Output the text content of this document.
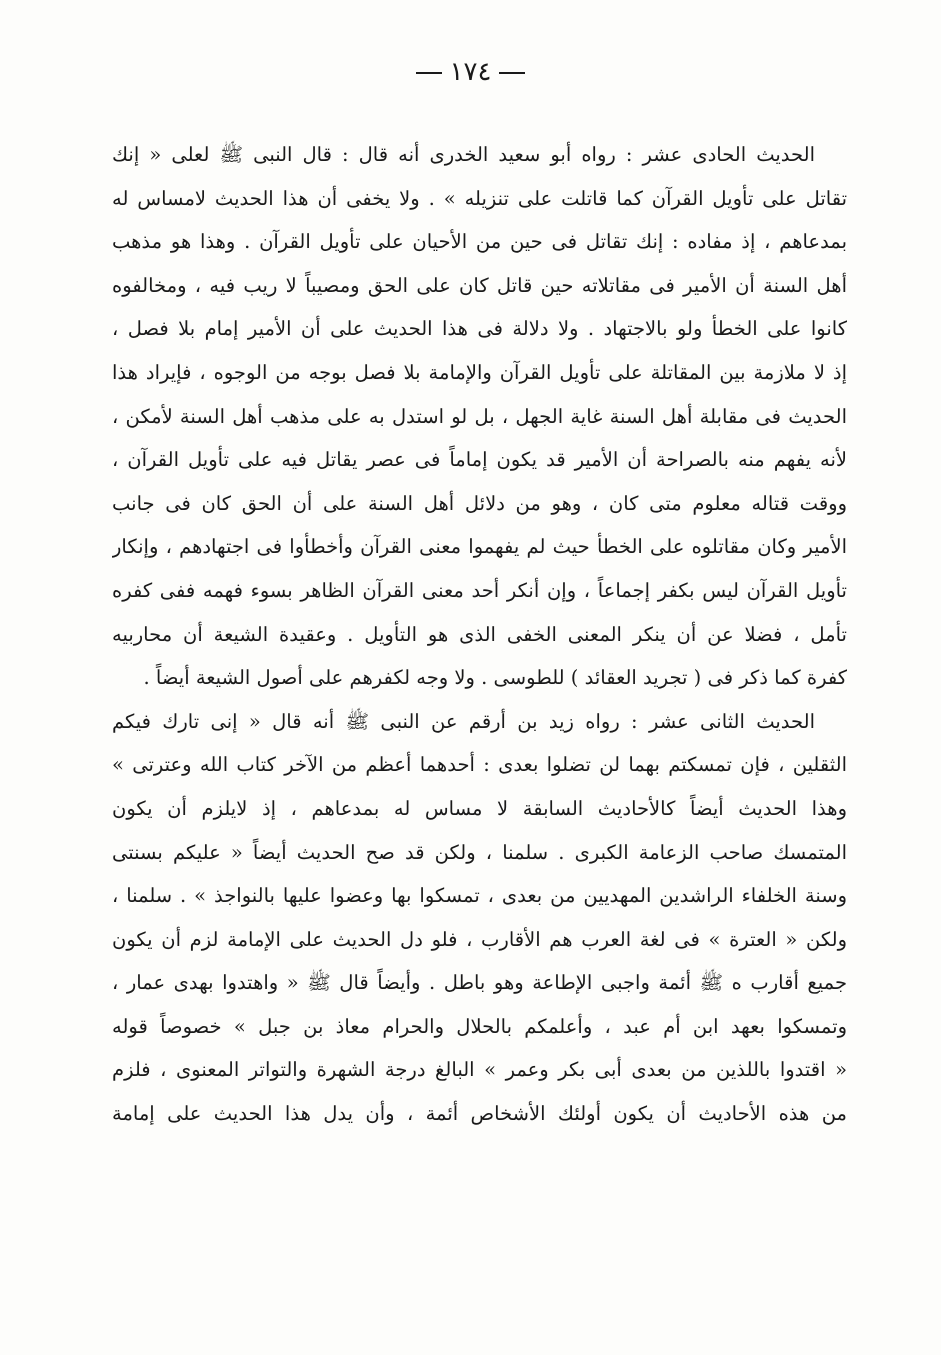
١٧٤
الحديث الحادى عشر : رواه أبو سعيد الخدرى أنه قال : قال النبى ﷺ لعلى « إنك
تقاتل على تأويل القرآن كما قاتلت على تنزيله » . ولا يخفى أن هذا الحديث لامساس له
بمدعاهم ، إذ مفاده : إنك تقاتل فى حين من الأحيان على تأويل القرآن . وهذا هو مذهب
أهل السنة أن الأمير فى مقاتلاته حين قاتل كان على الحق ومصيباً لا ريب فيه ، ومخالفوه
كانوا على الخطأ ولو بالاجتهاد . ولا دلالة فى هذا الحديث على أن الأمير إمام بلا فصل ،
إذ لا ملازمة بين المقاتلة على تأويل القرآن والإمامة بلا فصل بوجه من الوجوه ، فإيراد هذا
الحديث فى مقابلة أهل السنة غاية الجهل ، بل لو استدل به على مذهب أهل السنة لأمكن ،
لأنه يفهم منه بالصراحة أن الأمير قد يكون إماماً فى عصر يقاتل فيه على تأويل القرآن ،
ووقت قتاله معلوم متى كان ، وهو من دلائل أهل السنة على أن الحق كان فى جانب
الأمير وكان مقاتلوه على الخطأ حيث لم يفهموا معنى القرآن وأخطأوا فى اجتهادهم ، وإنكار
تأويل القرآن ليس بكفر إجماعاً ، وإن أنكر أحد معنى القرآن الظاهر بسوء فهمه ففى كفره
تأمل ، فضلا عن أن ينكر المعنى الخفى الذى هو التأويل . وعقيدة الشيعة أن محاربيه
كفرة كما ذكر فى ( تجريد العقائد ) للطوسى . ولا وجه لكفرهم على أصول الشيعة أيضاً .
الحديث الثانى عشر : رواه زيد بن أرقم عن النبى ﷺ أنه قال « إنى تارك فيكم
الثقلين ، فإن تمسكتم بهما لن تضلوا بعدى : أحدهما أعظم من الآخر كتاب الله وعترتى »
وهذا الحديث أيضاً كالأحاديث السابقة لا مساس له بمدعاهم ، إذ لايلزم أن يكون
المتمسك صاحب الزعامة الكبرى . سلمنا ، ولكن قد صح الحديث أيضاً « عليكم بسنتى
وسنة الخلفاء الراشدين المهديين من بعدى ، تمسكوا بها وعضوا عليها بالنواجذ » . سلمنا ،
ولكن « العترة » فى لغة العرب هم الأقارب ، فلو دل الحديث على الإمامة لزم أن يكون
جميع أقارب ه ﷺ أئمة واجبى الإطاعة وهو باطل . وأيضاً قال ﷺ « واهتدوا بهدى عمار ،
وتمسكوا بعهد ابن أم عبد ، وأعلمكم بالحلال والحرام معاذ بن جبل » خصوصاً قوله
« اقتدوا باللذين من بعدى أبى بكر وعمر » البالغ درجة الشهرة والتواتر المعنوى ، فلزم
من هذه الأحاديث أن يكون أولئك الأشخاص أئمة ، وأن يدل هذا الحديث على إمامة
